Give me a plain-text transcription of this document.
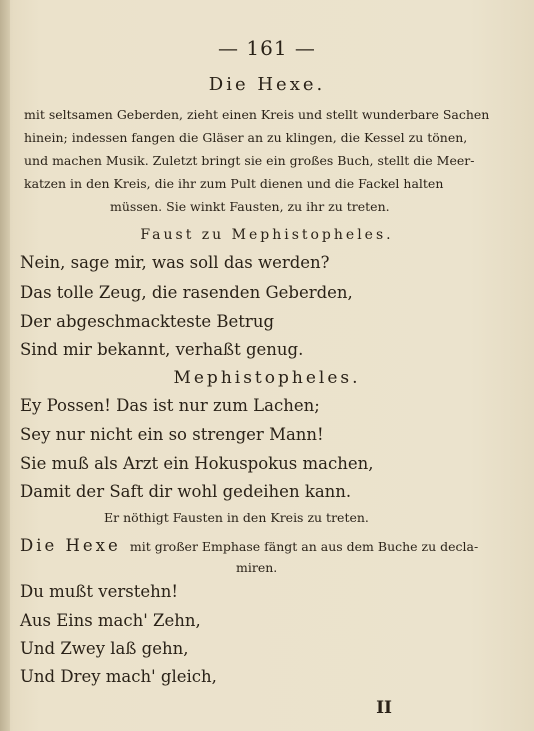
— 161 —
Die Hexe.
mit seltsamen Geberden, zieht einen Kreis und stellt wunderbare Sachen
hinein; indessen fangen die Gläser an zu klingen, die Kessel zu tönen,
und machen Musik. Zuletzt bringt sie ein großes Buch, stellt die Meer-
katzen in den Kreis, die ihr zum Pult dienen und die Fackel halten
müssen. Sie winkt Fausten, zu ihr zu treten.
Faust zu Mephistopheles.
Nein, sage mir, was soll das werden?
Das tolle Zeug, die rasenden Geberden,
Der abgeschmackteste Betrug
Sind mir bekannt, verhaßt genug.
Mephistopheles.
Ey Possen! Das ist nur zum Lachen;
Sey nur nicht ein so strenger Mann!
Sie muß als Arzt ein Hokuspokus machen,
Damit der Saft dir wohl gedeihen kann.
Er nöthigt Fausten in den Kreis zu treten.
Die Hexe mit großer Emphase fängt an aus dem Buche zu decla-
miren.
Du mußt verstehn!
Aus Eins mach' Zehn,
Und Zwey laß gehn,
Und Drey mach' gleich,
II
